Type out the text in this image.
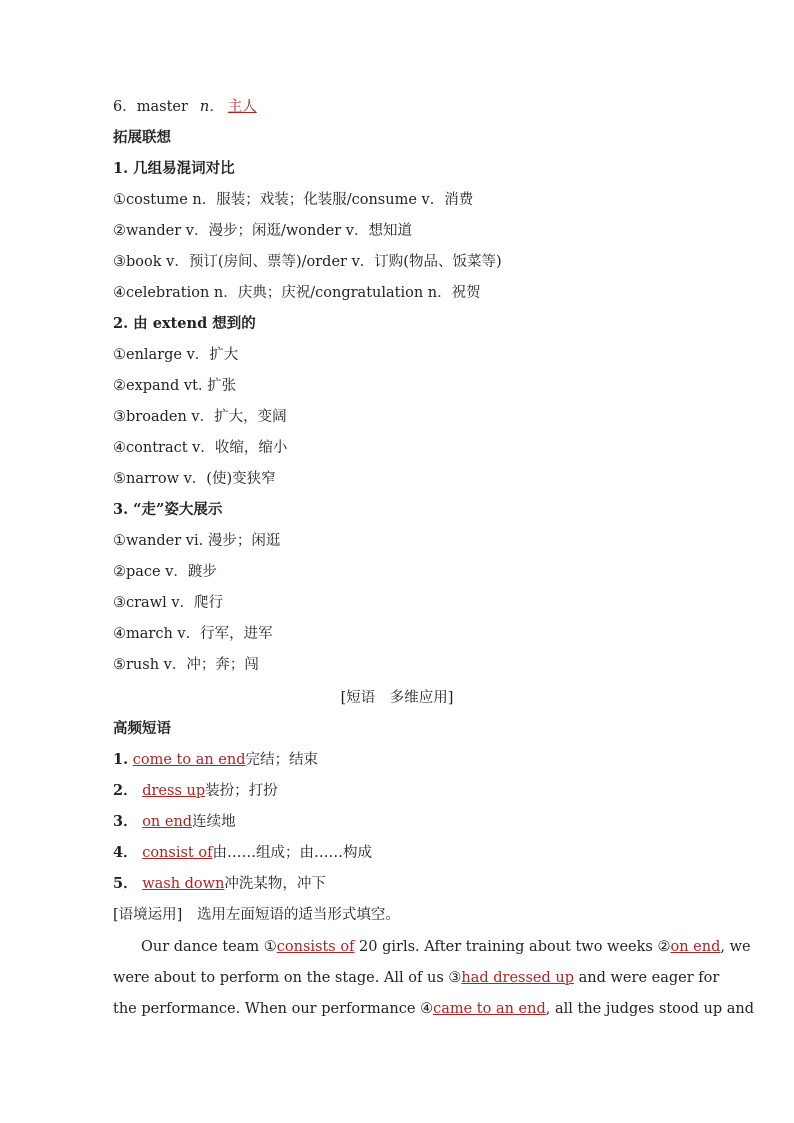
6．master n． 主人
拓展联想
1. 几组易混词对比
①costume n．服装；戏装；化装服/consume v．消费
②wander v．漫步；闲逛/wonder v．想知道
③book v．预订(房间、票等)/order v．订购(物品、饭菜等)
④celebration n．庆典；庆祝/congratulation n．祝贺
2. 由 extend 想到的
①enlarge v．扩大
②expand vt. 扩张
③broaden v．扩大，变阔
④contract v．收缩，缩小
⑤narrow v．(使)变狭窄
3. “走”姿大展示
①wander vi. 漫步；闲逛
②pace v．踱步
③crawl v．爬行
④march v．行军，进军
⑤rush v．冲；奔；闯
[短语　多维应用]
高频短语
1. come to an end完结；结束
2． dress up装扮；打扮
3． on end连续地
4． consist of由……组成；由……构成
5． wash down冲洗某物，冲下
[语境运用] 选用左面短语的适当形式填空。
Our dance team ①consists of 20 girls. After training about two weeks ②on end, we
were about to perform on the stage. All of us ③had dressed up and were eager for
the performance. When our performance ④came to an end, all the judges stood up and
